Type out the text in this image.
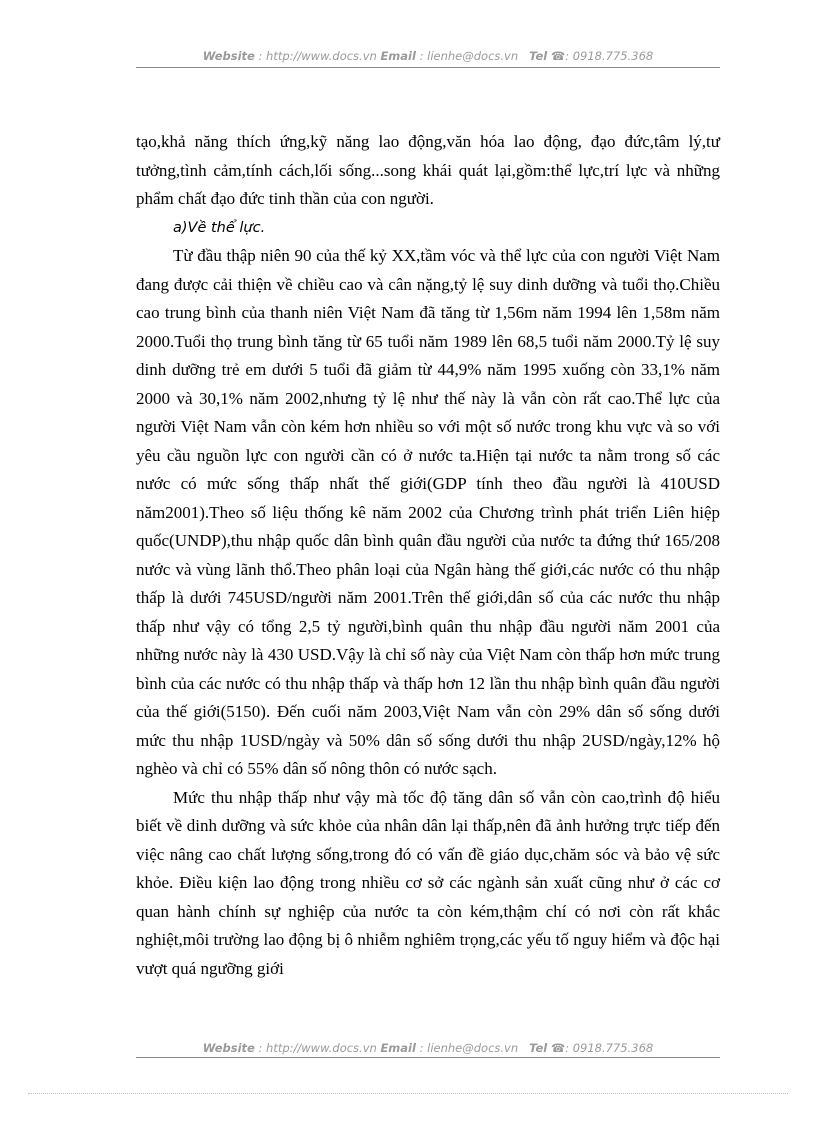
Website : http://www.docs.vn Email : lienhe@docs.vn Tel ☎: 0918.775.368

tạo,khả năng thích ứng,kỹ năng lao động,văn hóa lao động, đạo đức,tâm lý,tư tưởng,tình cảm,tính cách,lối sống...song khái quát lại,gồm:thể lực,trí lực và những phẩm chất đạo đức tinh thần của con người.

a)Về thể lực.

Từ đầu thập niên 90 của thế kỷ XX,tầm vóc và thể lực của con người Việt Nam đang được cải thiện về chiều cao và cân nặng,tỷ lệ suy dinh dưỡng và tuổi thọ.Chiều cao trung bình của thanh niên Việt Nam đã tăng từ 1,56m năm 1994 lên 1,58m năm 2000.Tuổi thọ trung bình tăng từ 65 tuổi năm 1989 lên 68,5 tuổi năm 2000.Tỷ lệ suy dinh dưỡng trẻ em dưới 5 tuổi đã giảm từ 44,9% năm 1995 xuống còn 33,1% năm 2000 và 30,1% năm 2002,nhưng tỷ lệ như thế này là vẫn còn rất cao.Thể lực của người Việt Nam vẫn còn kém hơn nhiều so với một số nước trong khu vực và so với yêu cầu nguồn lực con người cần có ở nước ta.Hiện tại nước ta nằm trong số các nước có mức sống thấp nhất thế giới(GDP tính theo đầu người là 410USD năm2001).Theo số liệu thống kê năm 2002 của Chương trình phát triển Liên hiệp quốc(UNDP),thu nhập quốc dân bình quân đầu người của nước ta đứng thứ 165/208 nước và vùng lãnh thổ.Theo phân loại của Ngân hàng thế giới,các nước có thu nhập thấp là dưới 745USD/người năm 2001.Trên thế giới,dân số của các nước thu nhập thấp như vậy có tổng 2,5 tỷ người,bình quân thu nhập đầu người năm 2001 của những nước này là 430 USD.Vậy là chỉ số này của Việt Nam còn thấp hơn mức trung bình của các nước có thu nhập thấp và thấp hơn 12 lần thu nhập bình quân đầu người của thế giới(5150). Đến cuối năm 2003,Việt Nam vẫn còn 29% dân số sống dưới mức thu nhập 1USD/ngày và 50% dân số sống dưới thu nhập 2USD/ngày,12% hộ nghèo và chỉ có 55% dân số nông thôn có nước sạch.

Mức thu nhập thấp như vậy mà tốc độ tăng dân số vẫn còn cao,trình độ hiểu biết về dinh dưỡng và sức khỏe của nhân dân lại thấp,nên đã ảnh hưởng trực tiếp đến việc nâng cao chất lượng sống,trong đó có vấn đề giáo dục,chăm sóc và bảo vệ sức khỏe. Điều kiện lao động trong nhiều cơ sở các ngành sản xuất cũng như ở các cơ quan hành chính sự nghiệp của nước ta còn kém,thậm chí có nơi còn rất khắc nghiệt,môi trường lao động bị ô nhiễm nghiêm trọng,các yếu tố nguy hiểm và độc hại vượt quá ngưỡng giới

Website : http://www.docs.vn Email : lienhe@docs.vn Tel ☎: 0918.775.368
